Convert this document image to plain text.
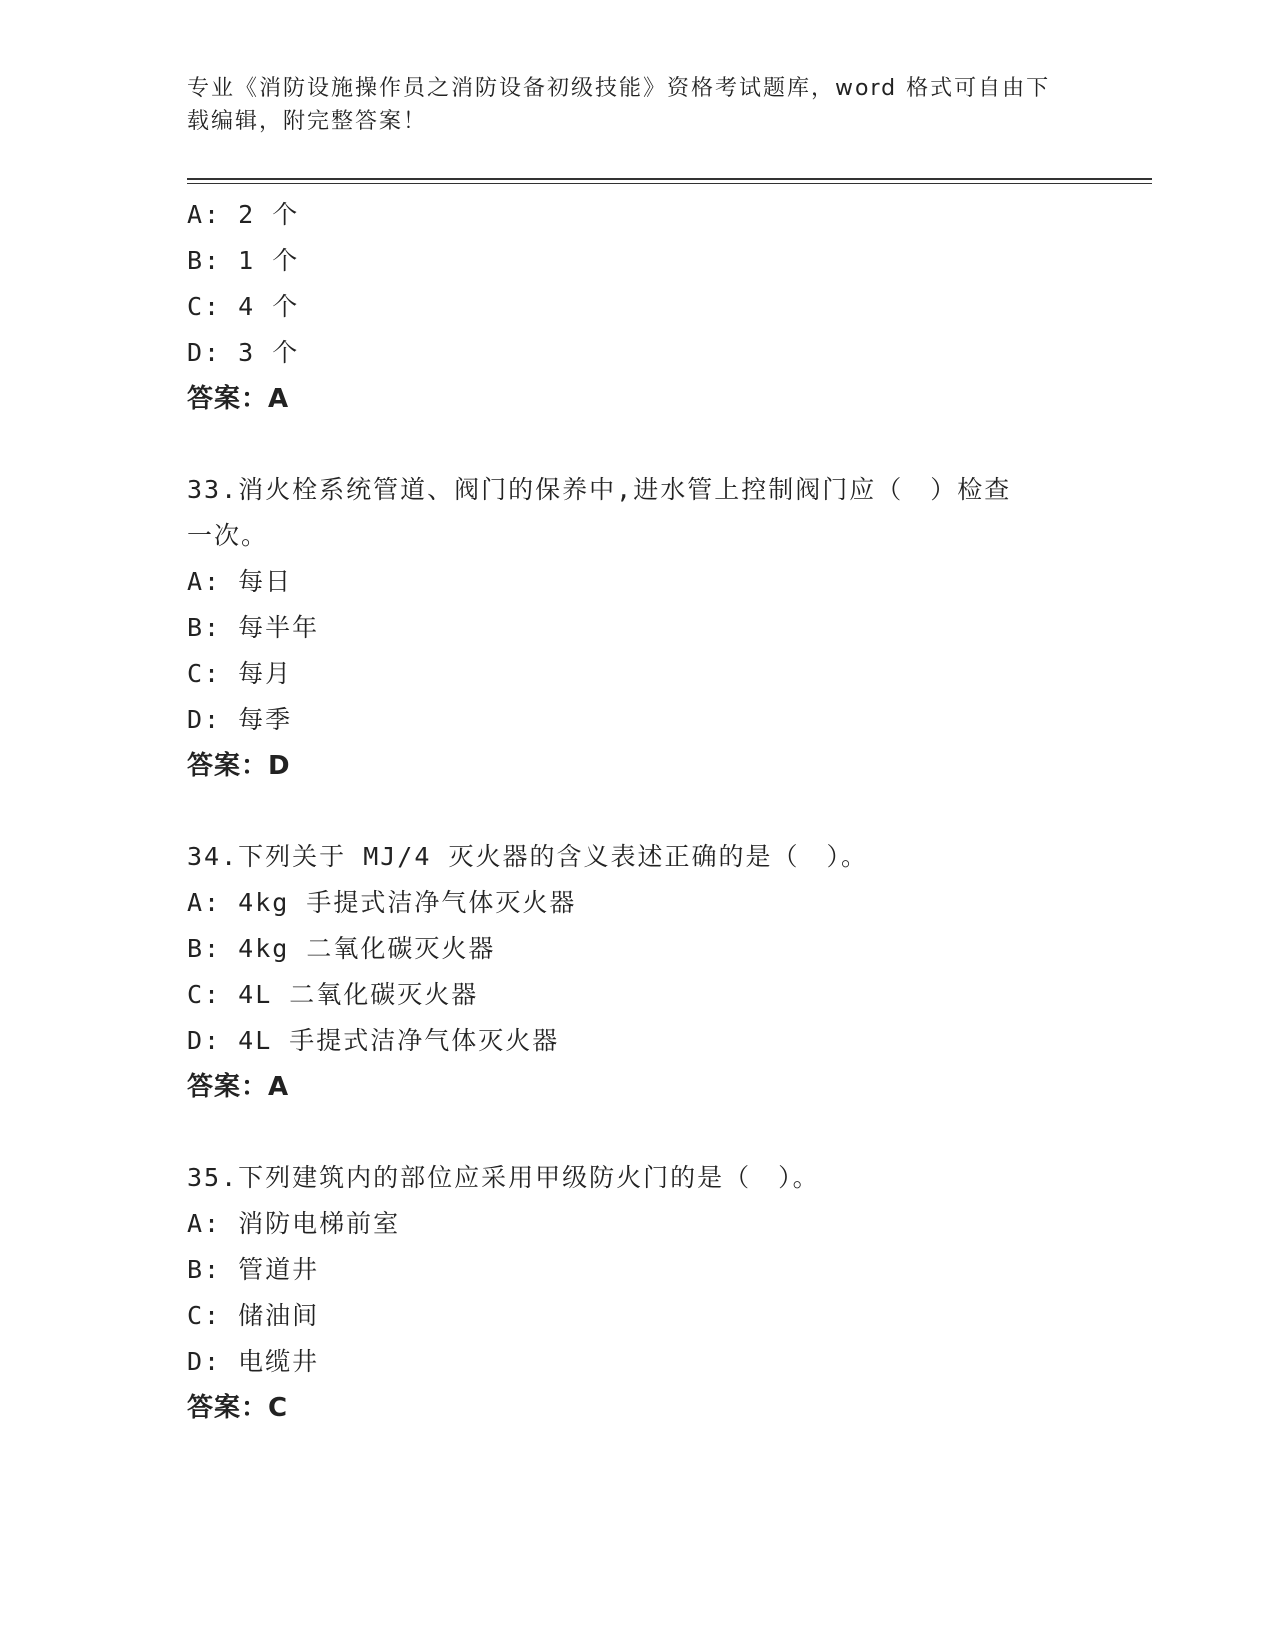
专业《消防设施操作员之消防设备初级技能》资格考试题库，word 格式可自由下
载编辑，附完整答案！
A: 2 个
B: 1 个
C: 4 个
D: 3 个
答案：A
33.消火栓系统管道、阀门的保养中,进水管上控制阀门应（　）检查
一次。
A: 每日
B: 每半年
C: 每月
D: 每季
答案：D
34.下列关于 MJ/4 灭火器的含义表述正确的是（　）。
A: 4kg 手提式洁净气体灭火器
B: 4kg 二氧化碳灭火器
C: 4L 二氧化碳灭火器
D: 4L 手提式洁净气体灭火器
答案：A
35.下列建筑内的部位应采用甲级防火门的是（　）。
A: 消防电梯前室
B: 管道井
C: 储油间
D: 电缆井
答案：C
